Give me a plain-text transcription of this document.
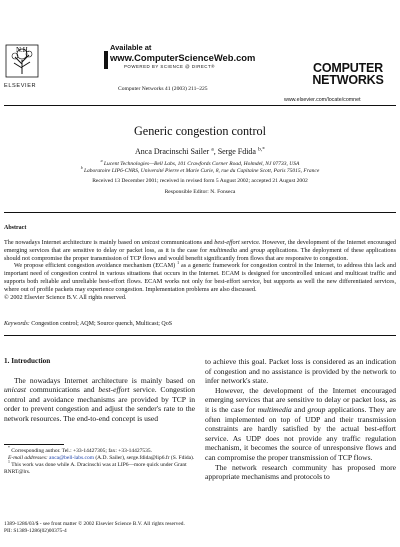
N.H.
ELSEVIER
Available at
www.ComputerScienceWeb.com
POWERED BY SCIENCE @ DIRECT®
Computer Networks 41 (2003) 211–225
COMPUTER
NETWORKS
www.elsevier.com/locate/comnet
Generic congestion control
Anca Dracinschi Sailer $^a$, Serge Fdida $^{b,*}$
$^a$ Lucent Technologies—Bell Labs, 101 Crawfords Corner Road, Holmdel, NJ 07733, USA
$^b$ Laboratoire LIP6-CNRS, Université Pierre et Marie Curie, 8, rue du Capitaine Scott, Paris 75015, France
Received 13 December 2001; received in revised form 5 August 2002; accepted 21 August 2002
Responsible Editor: N. Fonseca
Abstract

The nowadays Internet architecture is mainly based on unicast communications and best-effort service. However, the development of the Internet encouraged emerging services that are sensitive to delay or packet loss, as it is the case for multimedia and group applications. The deployment of these applications should not compromise the proper transmission of TCP flows and would benefit significantly from flows that are responsive to congestion.

We propose efficient congestion avoidance mechanism (ECAM) $^1$ as a generic framework for congestion control in the Internet, to address this lack and important need of congestion control in various situations that occurs in the Internet. ECAM is designed for uncontrolled unicast and multicast traffic and supports both reliable and unreliable best-effort flows. ECAM works not only for best-effort service, but supports as well the new differentiated services, where out of profile packets may experience congestion. Implementation problems are also discussed.

© 2002 Elsevier Science B.V. All rights reserved.

Keywords: Congestion control; AQM; Source quench, Multicast; QoS
1. Introduction

The nowadays Internet architecture is mainly based on unicast communications and best-effort service. Congestion control and avoidance mechanisms are provided by TCP in order to prevent congestion and adjust the sender's rate to the network resources. The end-to-end concept is used

to achieve this goal. Packet loss is considered as an indication of congestion and no assistance is provided by the network to infer network's state.

However, the development of the Internet encouraged emerging services that are sensitive to delay or packet loss, as it is the case for multimedia and group applications. They are often implemented on top of UDP and their transmission constraints are hardly satisfied by the actual best-effort service. As UDP does not provide any traffic regulation mechanism, it becomes the source of unresponsive flows and can compromise the proper transmission of TCP flows.

The network research community has proposed more appropriate mechanisms and protocols to

* Corresponding author. Tel.: +33-14427305; fax: +33-14427535.

E-mail addresses: anca@bell-labs.com (A.D. Sailer), serge.fdida@lip6.fr (S. Fdida).

$^1$ This work was done while A. Dracinschi was at LIP6—more quick under Grant RNRT@lrs.

1389-1286/03/$ - see front matter © 2002 Elsevier Science B.V. All rights reserved.
PII: S1389-1286(02)00375-4
